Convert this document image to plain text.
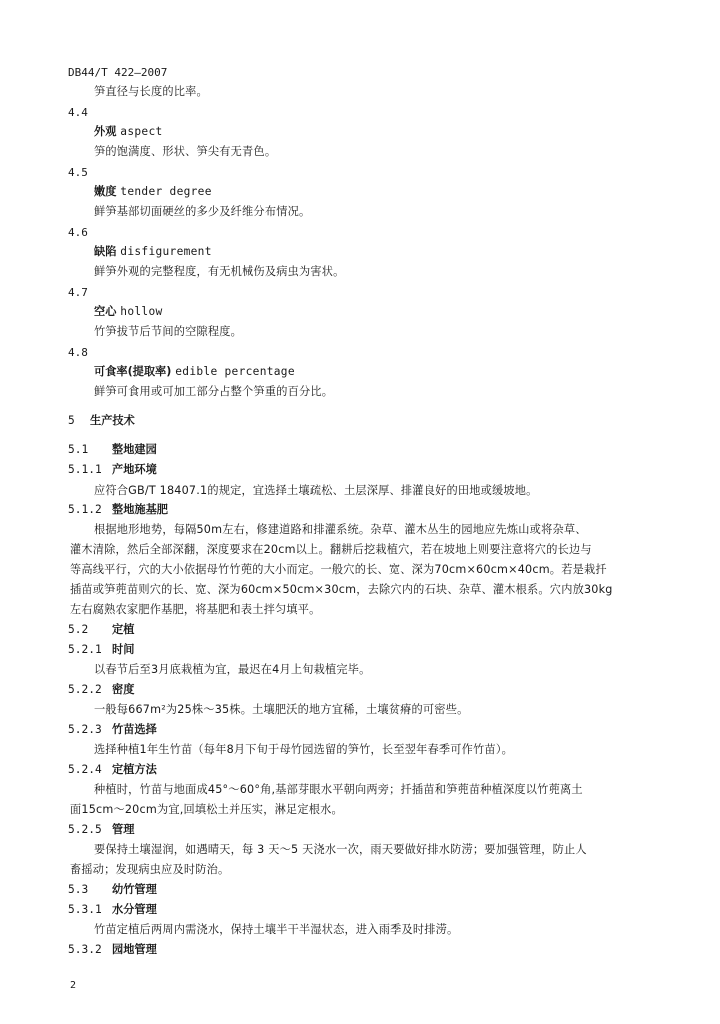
DB44/T 422—2007
笋直径与长度的比率。
4.4
外观 aspect
笋的饱满度、形状、笋尖有无青色。
4.5
嫩度 tender degree
鲜笋基部切面硬丝的多少及纤维分布情况。
4.6
缺陷 disfigurement
鲜笋外观的完整程度，有无机械伤及病虫为害状。
4.7
空心 hollow
竹笋拔节后节间的空隙程度。
4.8
可食率(提取率) edible percentage
鲜笋可食用或可加工部分占整个笋重的百分比。
5 生产技术
5.1 整地建园
5.1.1 产地环境
应符合GB/T 18407.1的规定，宜选择土壤疏松、土层深厚、排灌良好的田地或缓坡地。
5.1.2 整地施基肥
根据地形地势，每隔50m左右，修建道路和排灌系统。杂草、灌木丛生的园地应先炼山或将杂草、
灌木清除，然后全部深翻，深度要求在20cm以上。翻耕后挖栽植穴，若在坡地上则要注意将穴的长边与
等高线平行，穴的大小依据母竹竹蔸的大小而定。一般穴的长、宽、深为70cm×60cm×40cm。若是栽扦
插苗或笋蔸苗则穴的长、宽、深为60cm×50cm×30cm，去除穴内的石块、杂草、灌木根系。穴内放30kg
左右腐熟农家肥作基肥，将基肥和表土拌匀填平。
5.2 定植
5.2.1 时间
以春节后至3月底栽植为宜，最迟在4月上旬栽植完毕。
5.2.2 密度
一般每667m²为25株～35株。土壤肥沃的地方宜稀，土壤贫瘠的可密些。
5.2.3 竹苗选择
选择种植1年生竹苗（每年8月下旬于母竹园选留的笋竹，长至翌年春季可作竹苗）。
5.2.4 定植方法
种植时，竹苗与地面成45°～60°角,基部芽眼水平朝向两旁；扦插苗和笋蔸苗种植深度以竹蔸离土
面15cm～20cm为宜,回填松土并压实，淋足定根水。
5.2.5 管理
要保持土壤湿润，如遇晴天，每 3 天～5 天浇水一次，雨天要做好排水防涝；要加强管理，防止人
畜摇动；发现病虫应及时防治。
5.3 幼竹管理
5.3.1 水分管理
竹苗定植后两周内需浇水，保持土壤半干半湿状态，进入雨季及时排涝。
5.3.2 园地管理
2
